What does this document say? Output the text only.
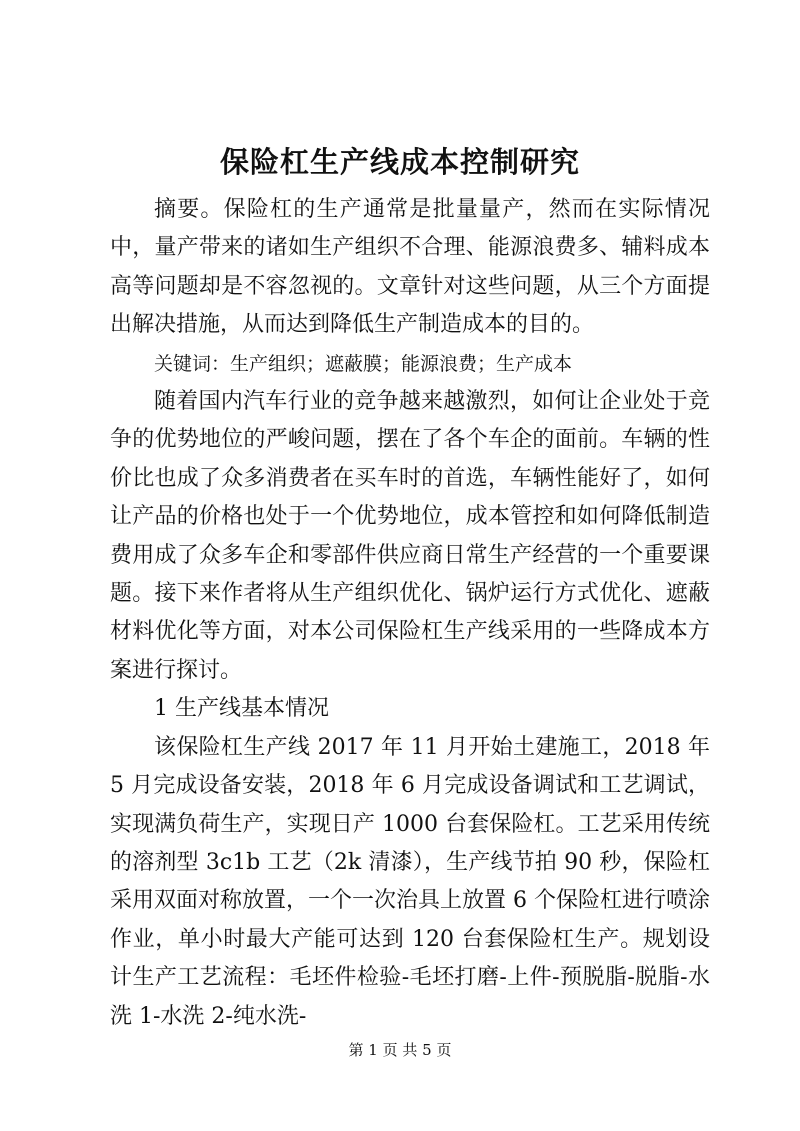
保险杠生产线成本控制研究

摘要。保险杠的生产通常是批量量产，然而在实际情况中，量产带来的诸如生产组织不合理、能源浪费多、辅料成本高等问题却是不容忽视的。文章针对这些问题，从三个方面提出解决措施，从而达到降低生产制造成本的目的。

关键词：生产组织；遮蔽膜；能源浪费；生产成本

随着国内汽车行业的竞争越来越激烈，如何让企业处于竞争的优势地位的严峻问题，摆在了各个车企的面前。车辆的性价比也成了众多消费者在买车时的首选，车辆性能好了，如何让产品的价格也处于一个优势地位，成本管控和如何降低制造费用成了众多车企和零部件供应商日常生产经营的一个重要课题。接下来作者将从生产组织优化、锅炉运行方式优化、遮蔽材料优化等方面，对本公司保险杠生产线采用的一些降成本方案进行探讨。

1 生产线基本情况

该保险杠生产线 2017 年 11 月开始土建施工，2018 年 5 月完成设备安装，2018 年 6 月完成设备调试和工艺调试，实现满负荷生产，实现日产 1000 台套保险杠。工艺采用传统的溶剂型 3c1b 工艺（2k 清漆），生产线节拍 90 秒，保险杠采用双面对称放置，一个一次治具上放置 6 个保险杠进行喷涂作业，单小时最大产能可达到 120 台套保险杠生产。规划设计生产工艺流程：毛坯件检验-毛坯打磨-上件-预脱脂-脱脂-水洗 1-水洗 2-纯水洗-

第 1 页 共 5 页
